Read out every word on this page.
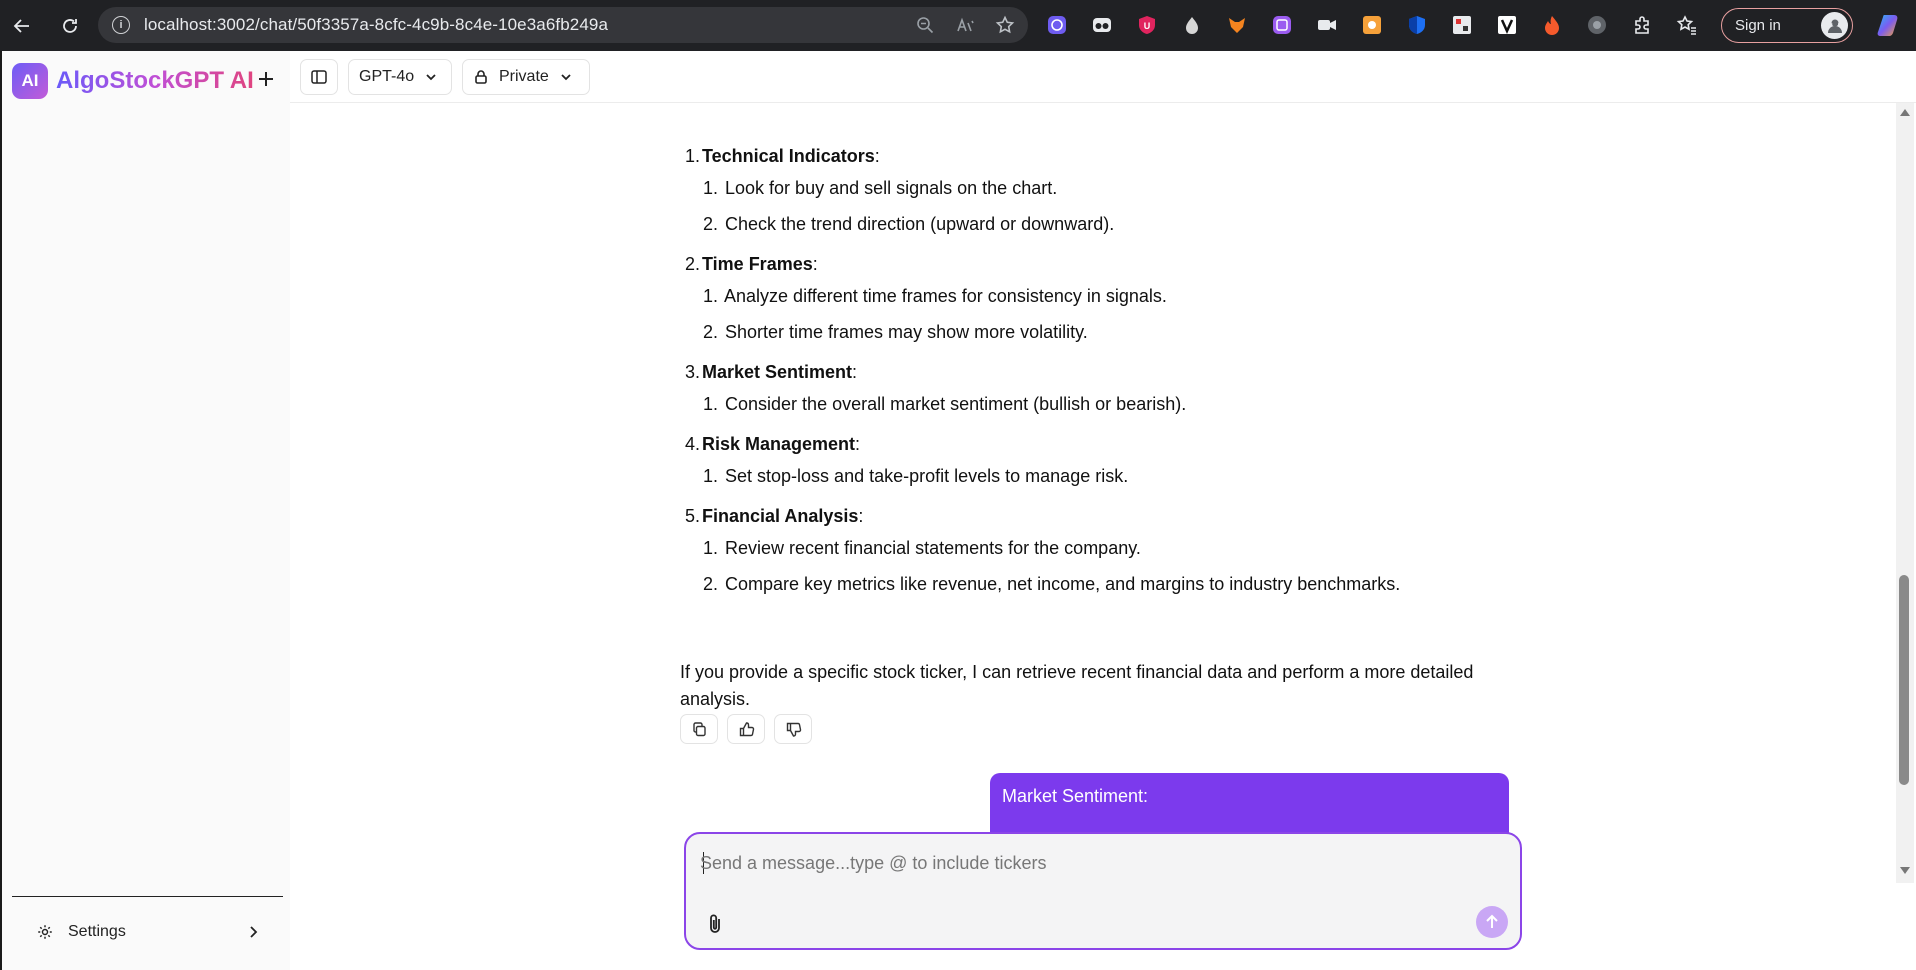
i	localhost:3002/chat/50f3357a-8cfc-4c9b-8c4e-10e3a6fb249a	U	Sign in ···
AI AlgoStockGPT AI
Settings
GPT-4o	Private
1. Technical Indicators:
1. Look for buy and sell signals on the chart.
2. Check the trend direction (upward or downward).
2. Time Frames:
1. Analyze different time frames for consistency in signals.
2. Shorter time frames may show more volatility.
3. Market Sentiment:
1. Consider the overall market sentiment (bullish or bearish).
4. Risk Management:
1. Set stop-loss and take-profit levels to manage risk.
5. Financial Analysis:
1. Review recent financial statements for the company.
2. Compare key metrics like revenue, net income, and margins to industry benchmarks.

If you provide a specific stock ticker, I can retrieve recent financial data and perform a more detailed analysis.

Market Sentiment:
Send a message...type @ to include tickers
